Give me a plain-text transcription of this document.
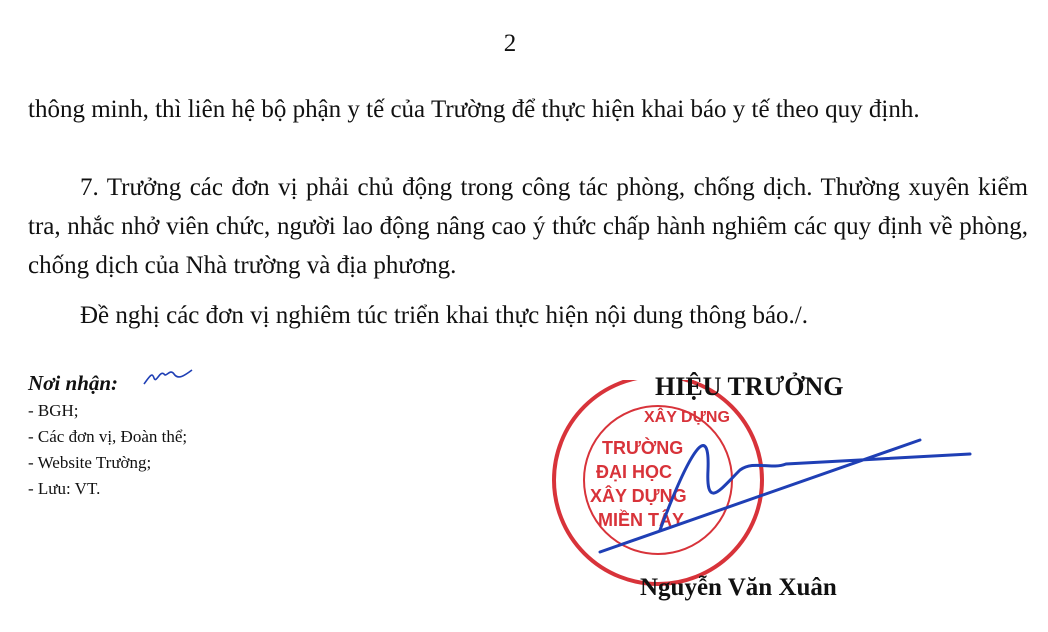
2

thông minh, thì liên hệ bộ phận y tế của Trường để thực hiện khai báo y tế theo quy định.

7. Trưởng các đơn vị phải chủ động trong công tác phòng, chống dịch. Thường xuyên kiểm tra, nhắc nhở viên chức, người lao động nâng cao ý thức chấp hành nghiêm các quy định về phòng, chống dịch của Nhà trường và địa phương.

Đề nghị các đơn vị nghiêm túc triển khai thực hiện nội dung thông báo./.

Nơi nhận:
- BGH;
- Các đơn vị, Đoàn thể;
- Website Trường;
- Lưu: VT.
XÂY DỰNG
TRƯỜNG
ĐẠI HỌC
XÂY DỰNG
MIỀN TÂY
HIỆU TRƯỞNG
Nguyễn Văn Xuân
